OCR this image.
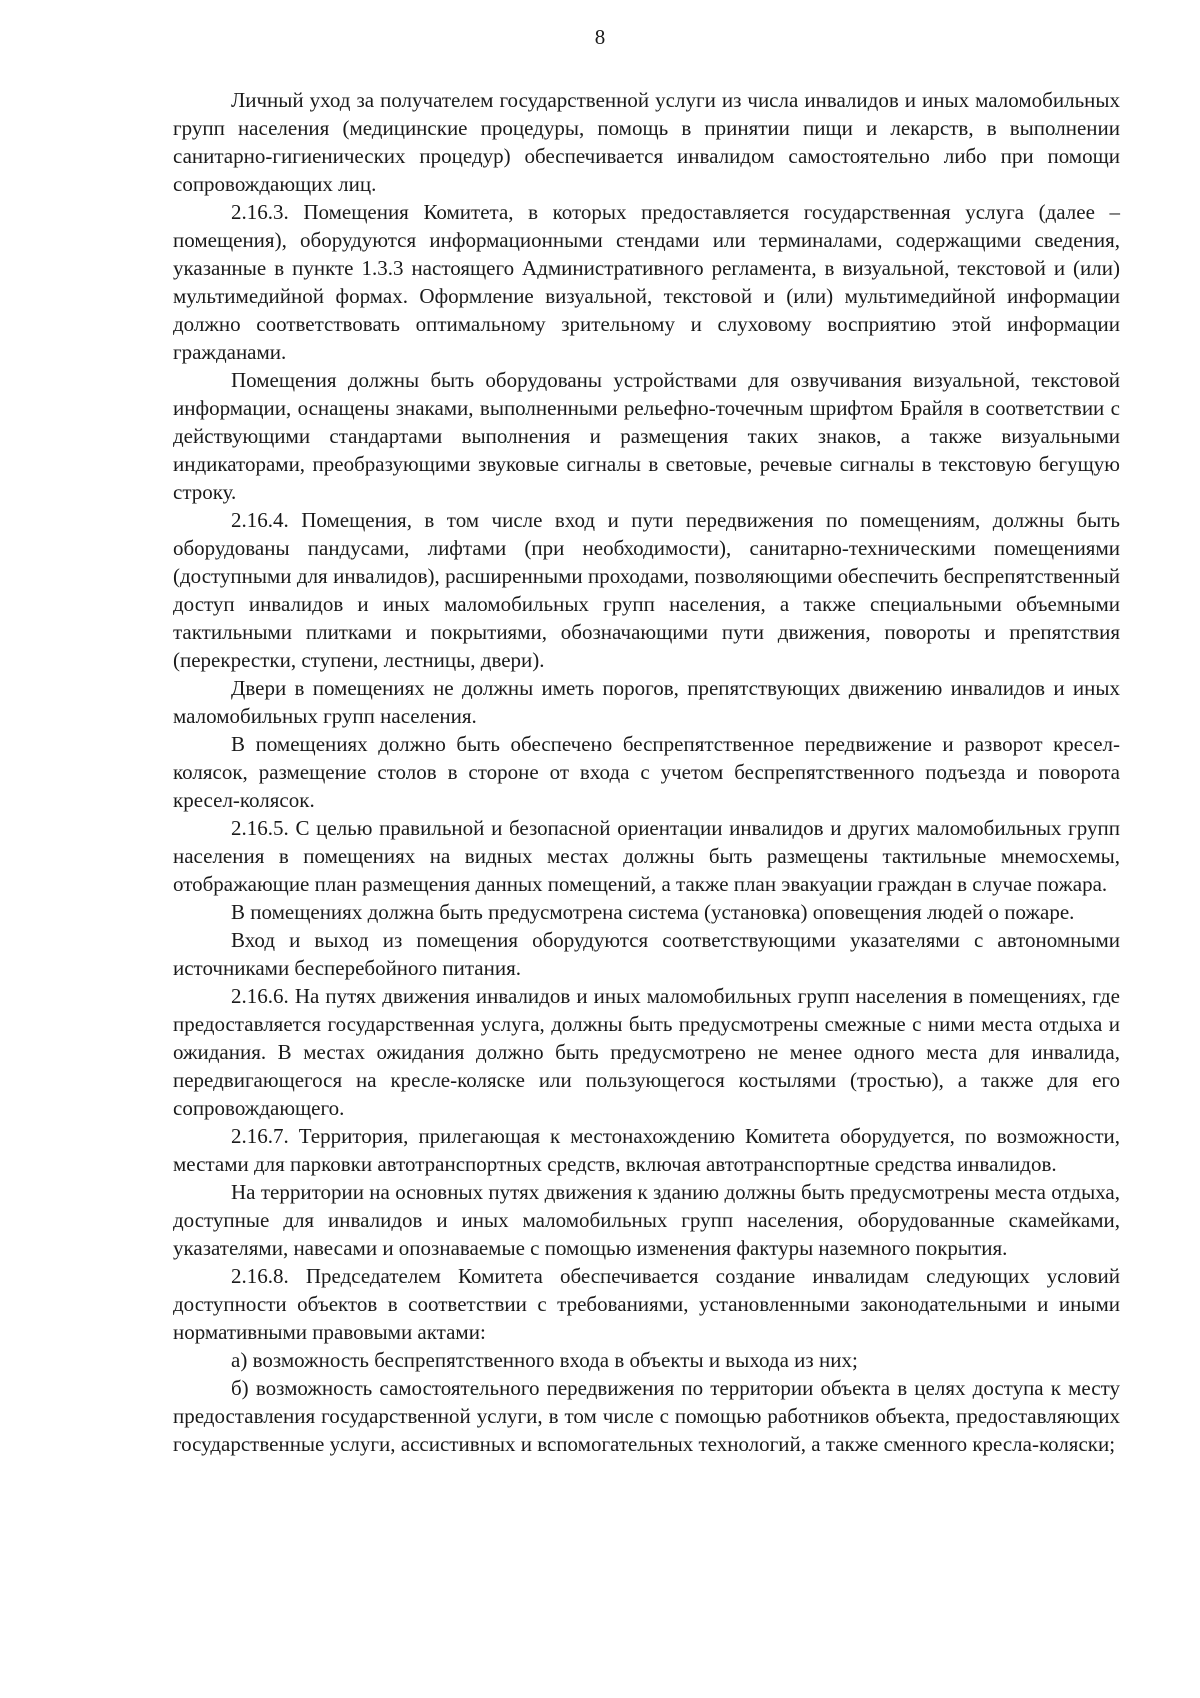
8

Личный уход за получателем государственной услуги из числа инвалидов и иных маломобильных групп населения (медицинские процедуры, помощь в принятии пищи и лекарств, в выполнении санитарно-гигиенических процедур) обеспечивается инвалидом самостоятельно либо при помощи сопровождающих лиц.

2.16.3. Помещения Комитета, в которых предоставляется государственная услуга (далее – помещения), оборудуются информационными стендами или терминалами, содержащими сведения, указанные в пункте 1.3.3 настоящего Административного регламента, в визуальной, текстовой и (или) мультимедийной формах. Оформление визуальной, текстовой и (или) мультимедийной информации должно соответствовать оптимальному зрительному и слуховому восприятию этой информации гражданами.

Помещения должны быть оборудованы устройствами для озвучивания визуальной, текстовой информации, оснащены знаками, выполненными рельефно-точечным шрифтом Брайля в соответствии с действующими стандартами выполнения и размещения таких знаков, а также визуальными индикаторами, преобразующими звуковые сигналы в световые, речевые сигналы в текстовую бегущую строку.

2.16.4. Помещения, в том числе вход и пути передвижения по помещениям, должны быть оборудованы пандусами, лифтами (при необходимости), санитарно-техническими помещениями (доступными для инвалидов), расширенными проходами, позволяющими обеспечить беспрепятственный доступ инвалидов и иных маломобильных групп населения, а также специальными объемными тактильными плитками и покрытиями, обозначающими пути движения, повороты и препятствия (перекрестки, ступени, лестницы, двери).

Двери в помещениях не должны иметь порогов, препятствующих движению инвалидов и иных маломобильных групп населения.

В помещениях должно быть обеспечено беспрепятственное передвижение и разворот кресел-колясок, размещение столов в стороне от входа с учетом беспрепятственного подъезда и поворота кресел-колясок.

2.16.5. С целью правильной и безопасной ориентации инвалидов и других маломобильных групп населения в помещениях на видных местах должны быть размещены тактильные мнемосхемы, отображающие план размещения данных помещений, а также план эвакуации граждан в случае пожара.

В помещениях должна быть предусмотрена система (установка) оповещения людей о пожаре.

Вход и выход из помещения оборудуются соответствующими указателями с автономными источниками бесперебойного питания.

2.16.6. На путях движения инвалидов и иных маломобильных групп населения в помещениях, где предоставляется государственная услуга, должны быть предусмотрены смежные с ними места отдыха и ожидания. В местах ожидания должно быть предусмотрено не менее одного места для инвалида, передвигающегося на кресле-коляске или пользующегося костылями (тростью), а также для его сопровождающего.

2.16.7. Территория, прилегающая к местонахождению Комитета оборудуется, по возможности, местами для парковки автотранспортных средств, включая автотранспортные средства инвалидов.

На территории на основных путях движения к зданию должны быть предусмотрены места отдыха, доступные для инвалидов и иных маломобильных групп населения, оборудованные скамейками, указателями, навесами и опознаваемые с помощью изменения фактуры наземного покрытия.

2.16.8. Председателем Комитета обеспечивается создание инвалидам следующих условий доступности объектов в соответствии с требованиями, установленными законодательными и иными нормативными правовыми актами:

а) возможность беспрепятственного входа в объекты и выхода из них;

б) возможность самостоятельного передвижения по территории объекта в целях доступа к месту предоставления государственной услуги, в том числе с помощью работников объекта, предоставляющих государственные услуги, ассистивных и вспомогательных технологий, а также сменного кресла-коляски;
